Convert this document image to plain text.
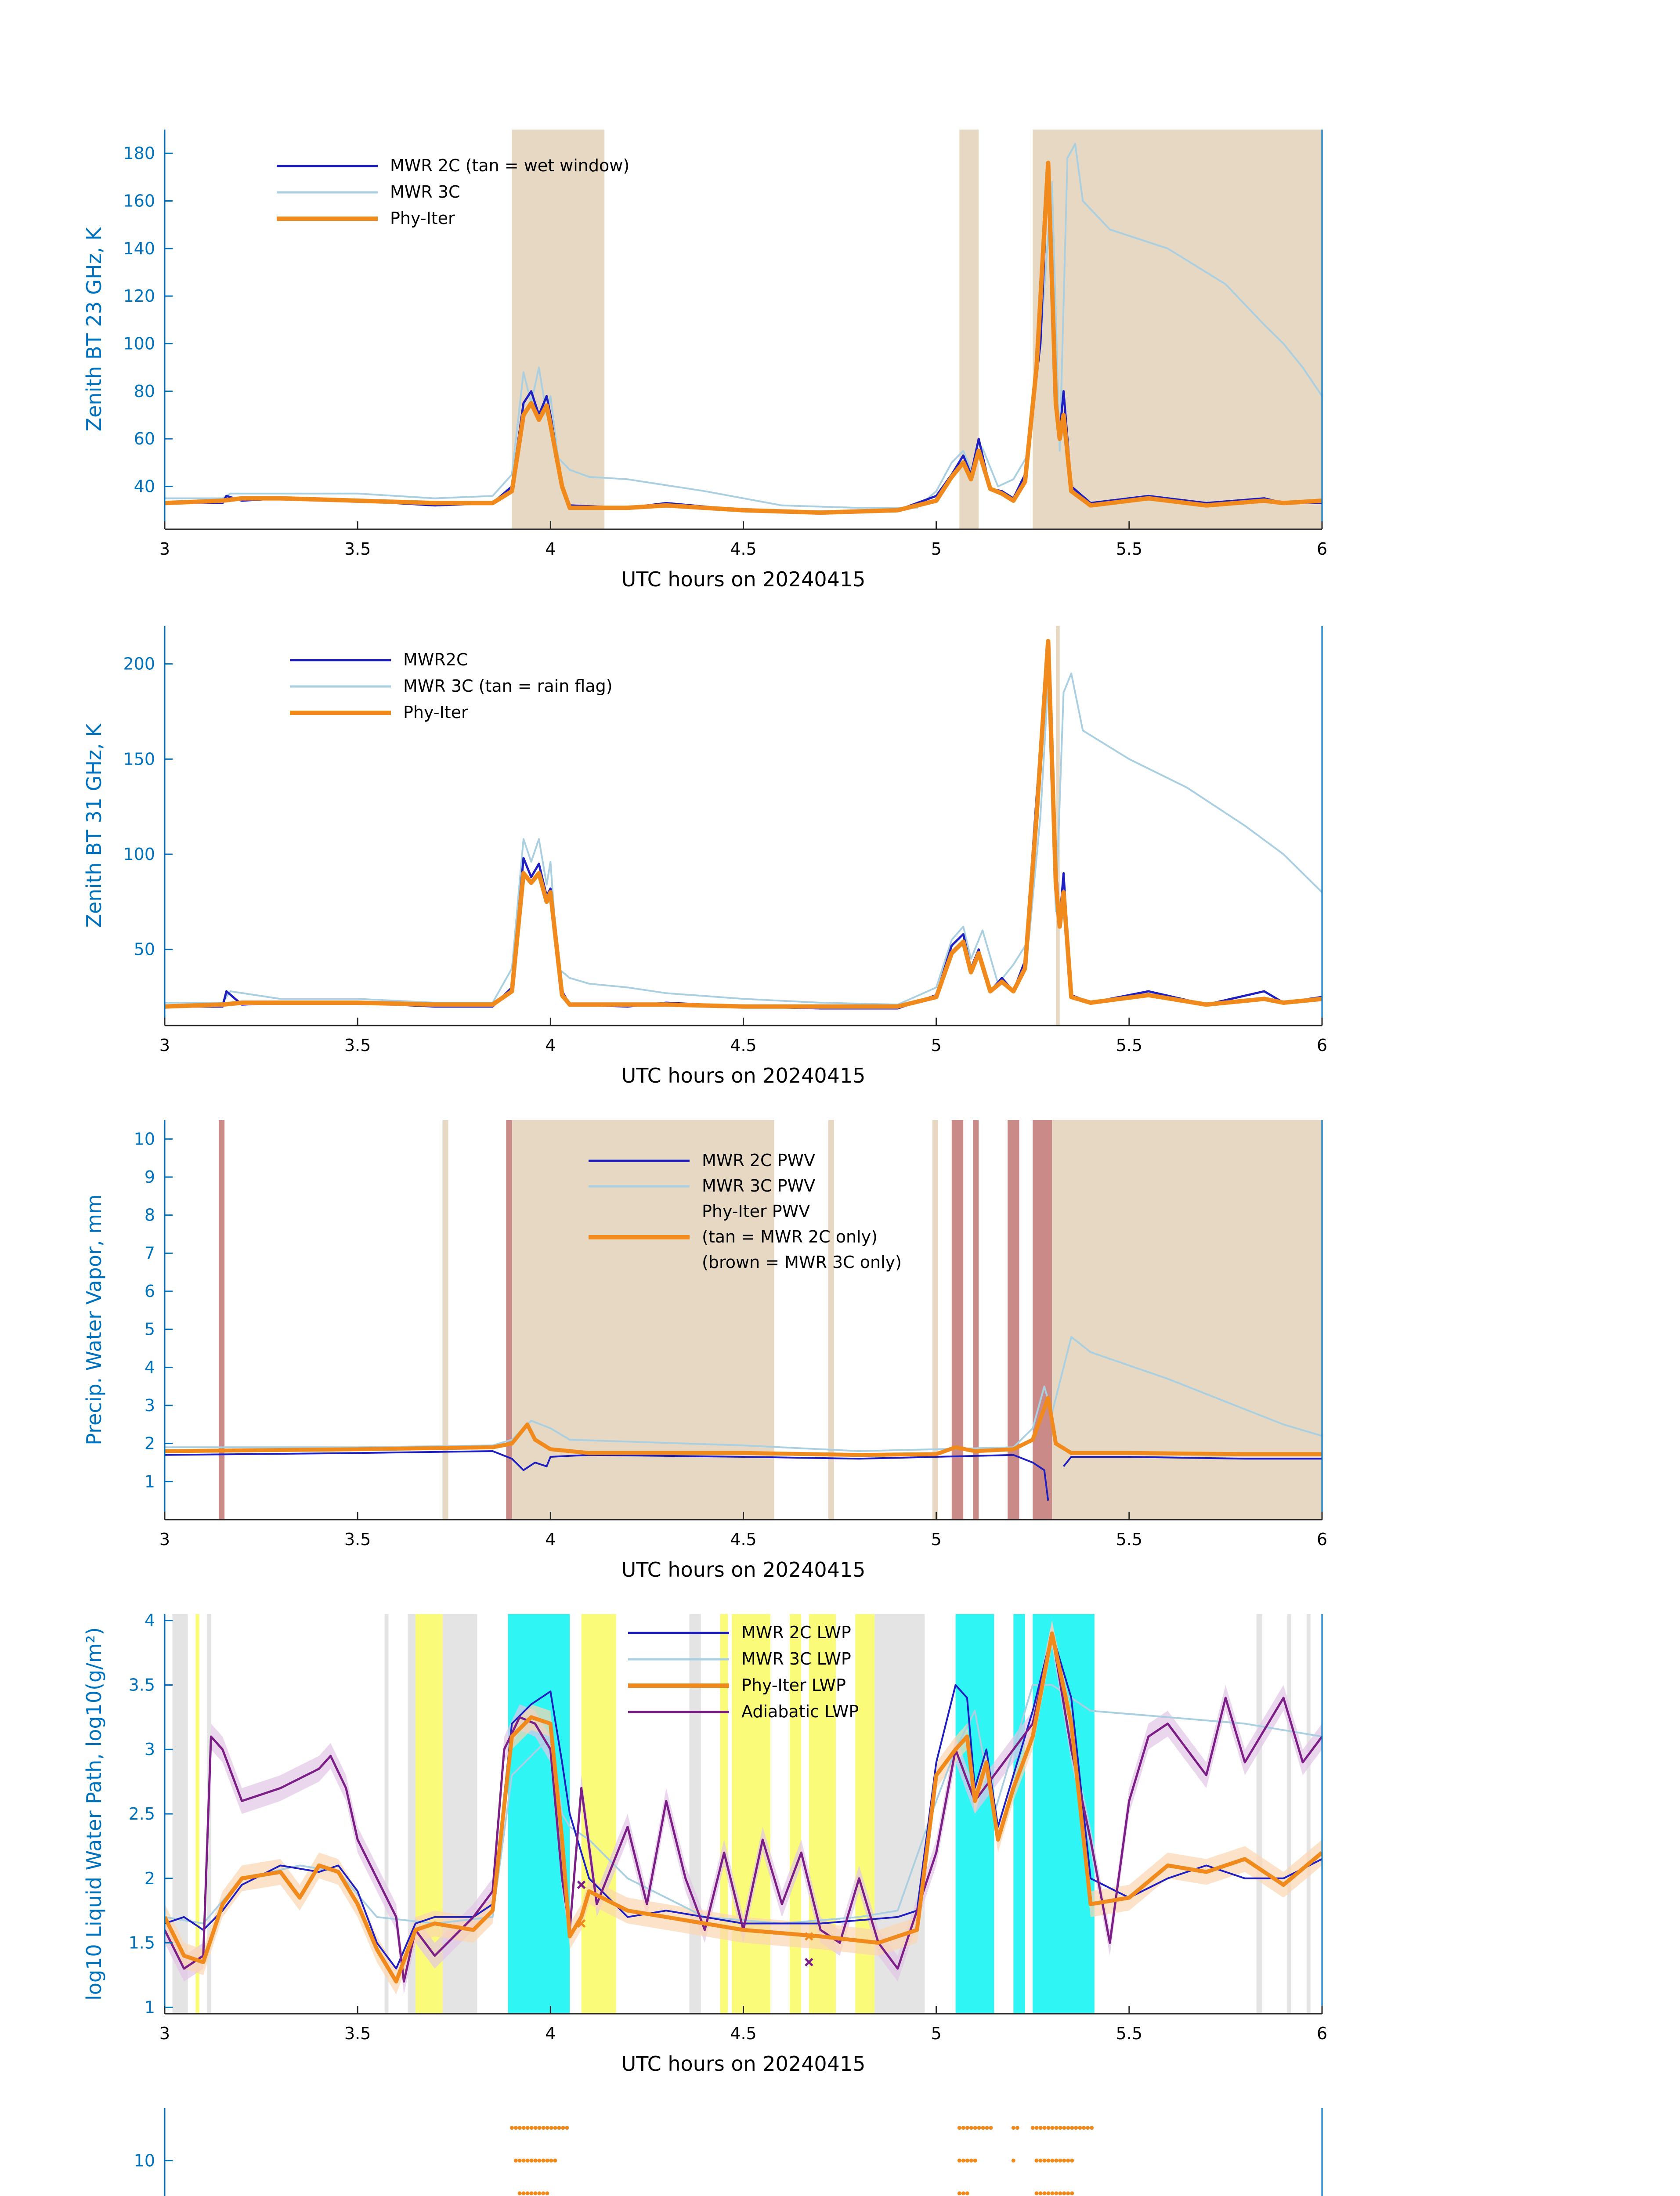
3	3.5	4	4.5	5	5.5	6
40
60
80
100
120
140
160
180
UTC hours on 20240415
Zenith BT 23 GHz, K
MWR 2C (tan = wet window)
MWR 3C
Phy-Iter
3	3.5	4	4.5	5	5.5	6
50
100
150
200
UTC hours on 20240415
Zenith BT 31 GHz, K
MWR2C
MWR 3C (tan = rain flag)
Phy-Iter
3	3.5	4	4.5	5	5.5	6
1
2
3
4
5
6
7
8
9
10
UTC hours on 20240415
Precip. Water Vapor, mm
MWR 2C PWV
MWR 3C PWV
Phy-Iter PWV
(tan = MWR 2C only)
(brown = MWR 3C only)
3	3.5	4	4.5	5	5.5	6
1
1.5
2
2.5
3
3.5
4
UTC hours on 20240415
log10 Liquid Water Path, log10(g/m²)	MWR 2C LWP
MWR 3C LWP
Phy-Iter LWP
Adiabatic LWP
10
